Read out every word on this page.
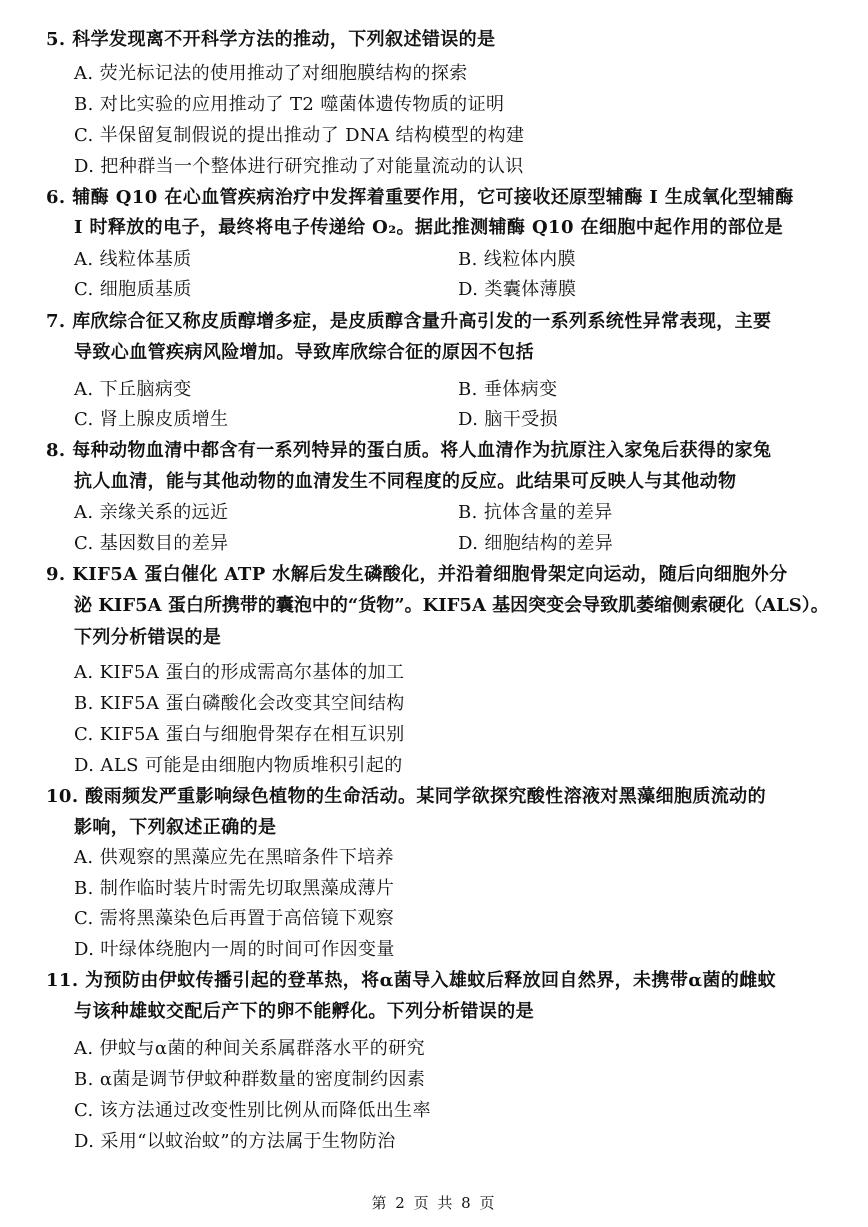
5. 科学发现离不开科学方法的推动，下列叙述错误的是
A. 荧光标记法的使用推动了对细胞膜结构的探索
B. 对比实验的应用推动了 T2 噬菌体遗传物质的证明
C. 半保留复制假说的提出推动了 DNA 结构模型的构建
D. 把种群当一个整体进行研究推动了对能量流动的认识
6. 辅酶 Q10 在心血管疾病治疗中发挥着重要作用，它可接收还原型辅酶 I 生成氧化型辅酶
I 时释放的电子，最终将电子传递给 O₂。据此推测辅酶 Q10 在细胞中起作用的部位是
A. 线粒体基质	B. 线粒体内膜
C. 细胞质基质	D. 类囊体薄膜
7. 库欣综合征又称皮质醇增多症，是皮质醇含量升高引发的一系列系统性异常表现，主要
导致心血管疾病风险增加。导致库欣综合征的原因不包括
A. 下丘脑病变	B. 垂体病变
C. 肾上腺皮质增生	D. 脑干受损
8. 每种动物血清中都含有一系列特异的蛋白质。将人血清作为抗原注入家兔后获得的家兔
抗人血清，能与其他动物的血清发生不同程度的反应。此结果可反映人与其他动物
A. 亲缘关系的远近	B. 抗体含量的差异
C. 基因数目的差异	D. 细胞结构的差异
9. KIF5A 蛋白催化 ATP 水解后发生磷酸化，并沿着细胞骨架定向运动，随后向细胞外分
泌 KIF5A 蛋白所携带的囊泡中的“货物”。KIF5A 基因突变会导致肌萎缩侧索硬化（ALS）。
下列分析错误的是
A. KIF5A 蛋白的形成需高尔基体的加工
B. KIF5A 蛋白磷酸化会改变其空间结构
C. KIF5A 蛋白与细胞骨架存在相互识别
D. ALS 可能是由细胞内物质堆积引起的
10. 酸雨频发严重影响绿色植物的生命活动。某同学欲探究酸性溶液对黑藻细胞质流动的
影响，下列叙述正确的是
A. 供观察的黑藻应先在黑暗条件下培养
B. 制作临时装片时需先切取黑藻成薄片
C. 需将黑藻染色后再置于高倍镜下观察
D. 叶绿体绕胞内一周的时间可作因变量
11. 为预防由伊蚊传播引起的登革热，将α菌导入雄蚊后释放回自然界，未携带α菌的雌蚊
与该种雄蚊交配后产下的卵不能孵化。下列分析错误的是
A. 伊蚊与α菌的种间关系属群落水平的研究
B. α菌是调节伊蚊种群数量的密度制约因素
C. 该方法通过改变性别比例从而降低出生率
D. 采用“以蚊治蚊”的方法属于生物防治
第 2 页 共 8 页
